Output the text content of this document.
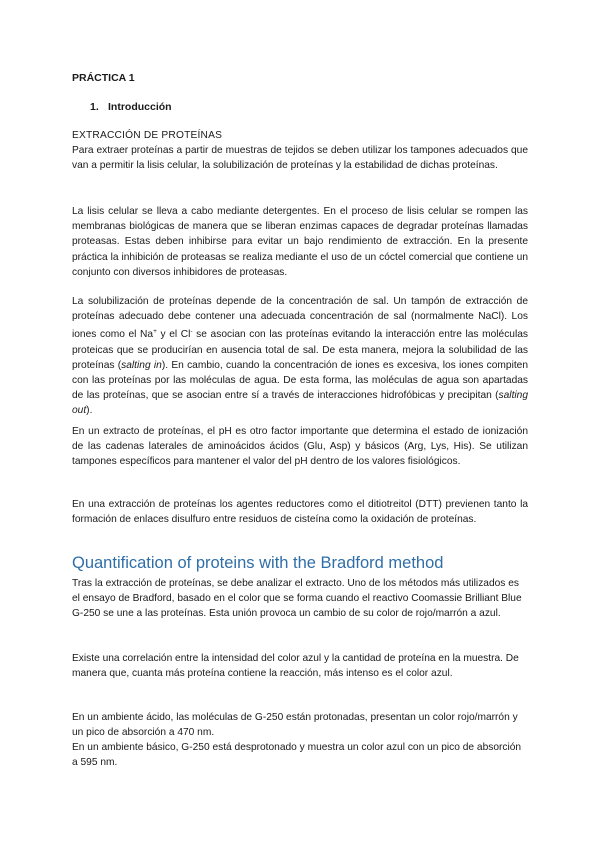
PRÁCTICA 1

1. Introducción

EXTRACCIÓN DE PROTEÍNAS

Para extraer proteínas a partir de muestras de tejidos se deben utilizar los tampones adecuados que van a permitir la lisis celular, la solubilización de proteínas y la estabilidad de dichas proteínas.

La lisis celular se lleva a cabo mediante detergentes. En el proceso de lisis celular se rompen las membranas biológicas de manera que se liberan enzimas capaces de degradar proteínas llamadas proteasas. Estas deben inhibirse para evitar un bajo rendimiento de extracción. En la presente práctica la inhibición de proteasas se realiza mediante el uso de un cóctel comercial que contiene un conjunto con diversos inhibidores de proteasas.

La solubilización de proteínas depende de la concentración de sal. Un tampón de extracción de proteínas adecuado debe contener una adecuada concentración de sal (normalmente NaCl). Los iones como el Na+ y el Cl- se asocian con las proteínas evitando la interacción entre las moléculas proteicas que se producirían en ausencia total de sal. De esta manera, mejora la solubilidad de las proteínas (salting in). En cambio, cuando la concentración de iones es excesiva, los iones compiten con las proteínas por las moléculas de agua. De esta forma, las moléculas de agua son apartadas de las proteínas, que se asocian entre sí a través de interacciones hidrofóbicas y precipitan (salting out).

En un extracto de proteínas, el pH es otro factor importante que determina el estado de ionización de las cadenas laterales de aminoácidos ácidos (Glu, Asp) y básicos (Arg, Lys, His). Se utilizan tampones específicos para mantener el valor del pH dentro de los valores fisiológicos.

En una extracción de proteínas los agentes reductores como el ditiotreitol (DTT) previenen tanto la formación de enlaces disulfuro entre residuos de cisteína como la oxidación de proteínas.

Quantification of proteins with the Bradford method

Tras la extracción de proteínas, se debe analizar el extracto. Uno de los métodos más utilizados es el ensayo de Bradford, basado en el color que se forma cuando el reactivo Coomassie Brilliant Blue G-250 se une a las proteínas. Esta unión provoca un cambio de su color de rojo/marrón a azul.

Existe una correlación entre la intensidad del color azul y la cantidad de proteína en la muestra. De manera que, cuanta más proteína contiene la reacción, más intenso es el color azul.

En un ambiente ácido, las moléculas de G-250 están protonadas, presentan un color rojo/marrón y un pico de absorción a 470 nm.

En un ambiente básico, G-250 está desprotonado y muestra un color azul con un pico de absorción a 595 nm.
